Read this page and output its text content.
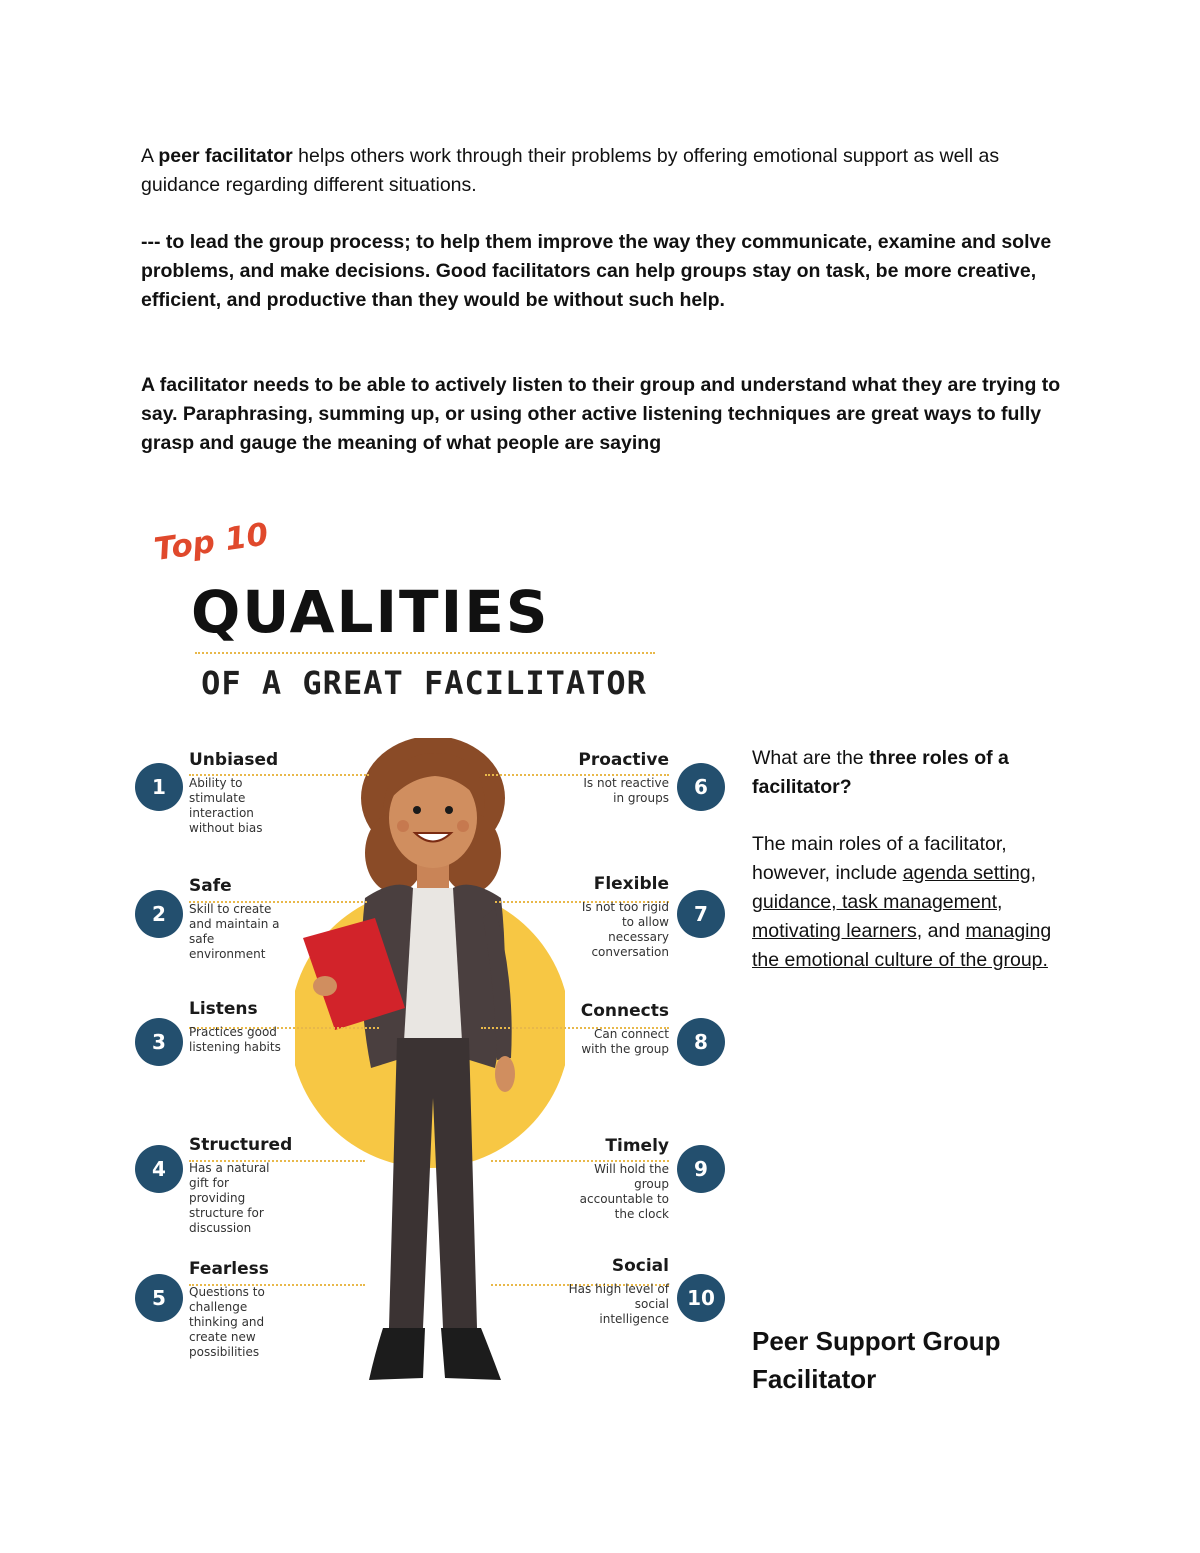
A peer facilitator helps others work through their problems by offering emotional support as well as guidance regarding different situations.

--- to lead the group process; to help them improve the way they communicate, examine and solve problems, and make decisions. Good facilitators can help groups stay on task, be more creative, efficient, and productive than they would be without such help.

A facilitator needs to be able to actively listen to their group and understand what they are trying to say. Paraphrasing, summing up, or using other active listening techniques are great ways to fully grasp and gauge the meaning of what people are saying

Top 10
QUALITIES
OF A GREAT FACILITATOR
1
Unbiased
Ability to stimulate interaction without bias
2
Safe
Skill to create and maintain a safe environment
3
Listens
Practices good listening habits
4
Structured
Has a natural gift for providing structure for discussion
5
Fearless
Questions to challenge thinking and create new possibilities
6
Proactive
Is not reactive in groups
7
Flexible
Is not too rigid to allow necessary conversation
8
Connects
Can connect with the group
9
Timely
Will hold the group accountable to the clock
10
Social
Has high level of social intelligence
What are the three roles of a facilitator?
The main roles of a facilitator, however, include agenda setting, guidance, task management, motivating learners, and managing the emotional culture of the group.
Peer Support Group Facilitator
